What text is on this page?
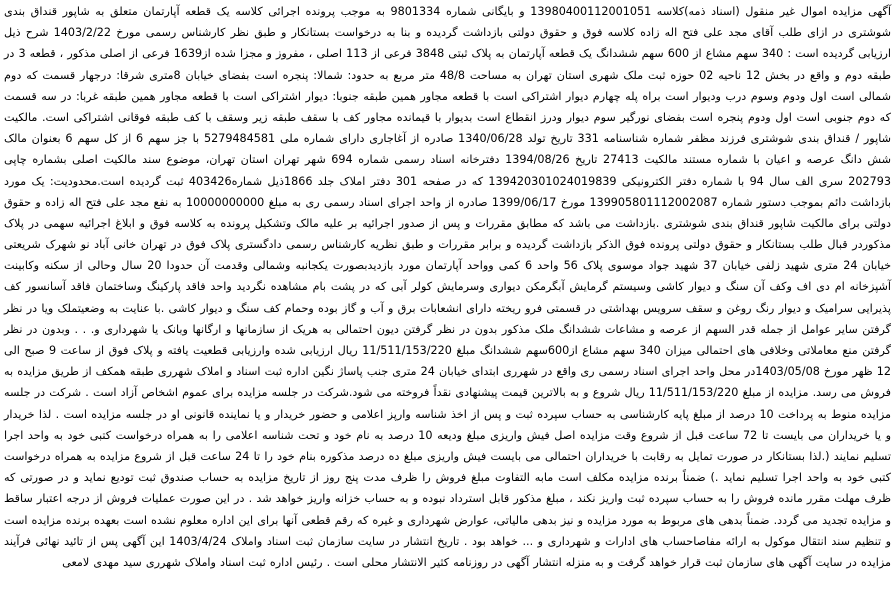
آگهی مزایده اموال غیر منقول (اسناد ذمه)کلاسه 1398040011200105‪1‬ و بایگانی شماره 9801334 به موجب پرونده اجرائی کلاسه یک قطعه آپارتمان متعلق به شاپور قنداق بندی شوشتری در ازای طلب آقای مجد علی فتح اله زاده کلاسه فوق و حقوق دولتی بازداشت گردیده و بنا به درخواست بستانکار و طبق نظر کارشناس رسمی مورخ 1403/2/22 شرح ذیل ارزیابی گردیده است : 340 سهم مشاع از 600 سهم ششدانگ یک قطعه آپارتمان به پلاک ثبتی 3848 فرعی از 113 اصلی ، مفروز و مجزا شده از1639 فرعی از اصلی مذکور ، قطعه 3 در طبقه دوم و واقع در بخش 12 ناحیه 02 حوزه ثبت ملک شهری استان تهران به مساحت 48/8 متر مربع به حدود: شمالا: پنجره است بفضای خیابان 8متری شرقا: درجهار قسمت که دوم شمالی است اول ودوم وسوم درب ودیوار است براه پله چهارم دیوار اشتراکی است با قطعه مجاور همین طبقه جنوبا: دیوار اشتراکی است با قطعه مجاور همین طبقه غربا: در سه قسمت که دوم جنوبی است اول ودوم پنجره است بفضای نورگیر سوم دیوار ودرز انقطاع است بدیوار با قیمانده مجاور کف با سقف طبقه زیر وسقف با کف طبقه فوقانی اشتراکی است. مالکیت شاپور / قنداق بندی شوشتری فرزند مظفر شماره شناسنامه 331 تاریخ تولد 1340/06/28 صادره از آغاجاری دارای شماره ملی 5279484581 با جز سهم 6 از کل سهم 6 بعنوان مالک شش دانگ عرصه و اعیان با شماره مستند مالکیت 27413 تاریخ 1394/08/26 دفترخانه اسناد رسمی شماره 694 شهر تهران استان تهران، موضوع سند مالکیت اصلی بشماره چاپی 202793 سری الف سال 94 با شماره دفتر الکترونیکی 139420301024019839 که در صفحه 301 دفتر املاک جلد 1866ذیل شماره403426 ثبت گردیده است.محدودیت: یک مورد بازداشت دائم بموجب دستور شماره 139905801112002087 مورخ 1399/06/17 صادره از واحد اجرای اسناد رسمی ری به مبلغ 10000000000 به نفع مجد علی فتح اله زاده و حقوق دولتی برای مالکیت شاپور قنداق بندی شوشتری .بازداشت می باشد که مطابق مقررات و پس از صدور اجرائیه بر علیه مالک وتشکیل پرونده به کلاسه فوق و ابلاغ اجرائیه سهمی در پلاک مذکوردر قبال طلب بستانکار و حقوق دولتی پرونده فوق الذکر بازداشت گردیده و برابر مقررات و طبق نظریه کارشناس رسمی دادگستری پلاک فوق در تهران خانی آباد نو شهرک شریعتی خیابان 24 متری شهید زلفی خیابان 37 شهید جواد موسوی پلاک 56 واحد 6 کمی وواحد آپارتمان مورد بازدیدبصورت یکجانبه وشمالی وقدمت آن حدودا 20 سال وحالی از سکنه وکابینت آشپزخانه ام دی اف وکف آن سنگ و دیوار کاشی وسیستم گرمایش آبگرمکن دیواری وسرمایش کولر آبی که در پشت بام مشاهده نگردید واحد فاقد پارکینگ وساختمان فاقد آسانسور کف پذیرایی سرامیک و دیوار رنگ روغن و سقف سرویس بهداشتی در قسمتی فرو ریخته دارای انشعابات برق و آب و گاز بوده وحمام کف سنگ و دیوار کاشی .با عنایت به وضعیتملک ویا در نظر گرفتن سایر عوامل از جمله قدر السهم از عرصه و مشاعات ششدانگ ملک مذکور بدون در نظر گرفتن دیون احتمالی به هریک از سازمانها و ارگانها وبانک یا شهرداری و. . . وبدون در نظر گرفتن منع معاملاتی وخلافی های احتمالی میزان 340 سهم مشاع از600سهم ششدانگ مبلغ 11/511/153/220 ریال ارزیابی شده وارزیابی قطعیت یافته و پلاک فوق از ساعت 9 صبح الی 12 ظهر مورخ 1403/05/08در محل واحد اجرای اسناد رسمی ری واقع در شهرری ابتدای خیابان 24 متری جنب پاساژ نگین اداره ثبت اسناد و املاک شهرری طبقه همکف از طریق مزایده به فروش می رسد. مزایده از مبلغ 11/511/153/220 ریال شروع و به بالاترین قیمت پیشنهادی نقداً فروخته می شود.شرکت در جلسه مزایده برای عموم اشخاص آزاد است . شرکت در جلسه مزایده منوط به پرداخت 10 درصد از مبلغ پایه کارشناسی به حساب سپرده ثبت و پس از اخذ شناسه وارپز اعلامی و حضور خریدار و یا نماینده قانونی او در جلسه مزایده است . لذا خریدار و یا خریداران می بایست تا 72 ساعت قبل از شروع وقت مزایده اصل فیش واریزی مبلغ ودیعه 10 درصد به نام خود و تحت شناسه اعلامی را به همراه درخواست کتبی خود به واحد اجرا تسلیم نمایند (.لذا بستانکار در صورت تمایل به رقابت با خریداران احتمالی می بایست فیش واریزی مبلغ ده درصد مذکوره بنام خود را تا 24 ساعت قبل از شروع مزایده به همراه درخواست کتبی خود به واحد اجرا تسلیم نماید .) ضمناً برنده مزایده مکلف است مابه التفاوت مبلغ فروش را ظرف مدت پنج روز از تاریخ مزایده به حساب صندوق ثبت تودیع نماید و در صورتی که ظرف مهلت مقرر مانده فروش را به حساب سپرده ثبت واریز نکند ، مبلغ مذکور قابل استرداد نبوده و به حساب خزانه واریز خواهد شد . در این صورت عملیات فروش از درجه اعتبار ساقط و مزایده تجدید می گردد. ضمناً بدهی های مربوط به مورد مزایده و نیز بدهی مالیاتی، عوارض شهرداری و غیره که رقم قطعی آنها برای این اداره معلوم نشده است بعهده برنده مزایده است و تنظیم سند انتقال موکول به ارائه مفاصاحساب های ادارات و شهرداری و ... خواهد بود . تاریخ انتشار در سایت سازمان ثبت اسناد واملاک 1403/4/24 این آگهی پس از تائید نهائی فرآیند مزایده در سایت آگهی های سازمان ثبت قرار خواهد گرفت و به منزله انتشار آگهی در روزنامه کثیر الانتشار محلی است . رئیس اداره ثبت اسناد واملاک شهرری سید مهدی لامعی
